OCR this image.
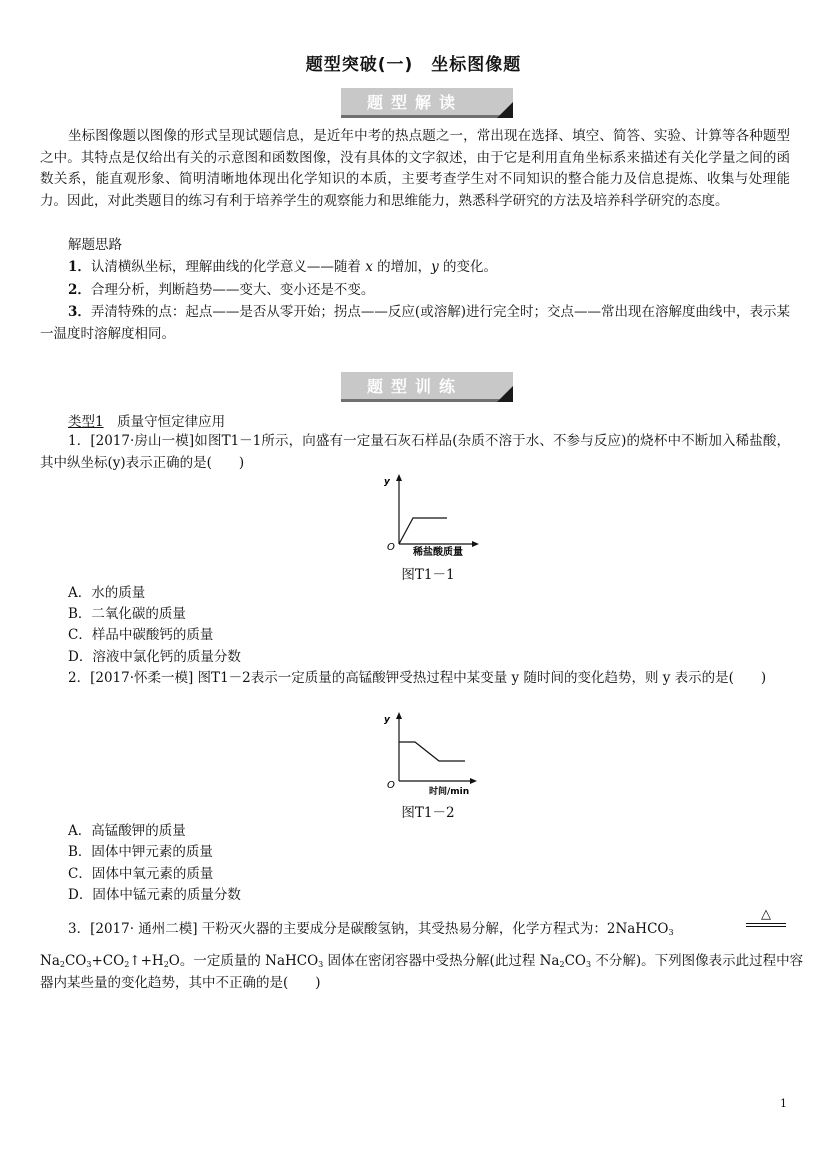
题型突破(一)　坐标图像题
题型解读
坐标图像题以图像的形式呈现试题信息，是近年中考的热点题之一，常出现在选择、填空、简答、实验、计算等各种题型之中。其特点是仅给出有关的示意图和函数图像，没有具体的文字叙述，由于它是利用直角坐标系来描述有关化学量之间的函数关系，能直观形象、简明清晰地体现出化学知识的本质，主要考查学生对不同知识的整合能力及信息提炼、收集与处理能力。因此，对此类题目的练习有利于培养学生的观察能力和思维能力，熟悉科学研究的方法及培养科学研究的态度。
解题思路
1．认清横纵坐标，理解曲线的化学意义——随着 x 的增加，y 的变化。
2．合理分析，判断趋势——变大、变小还是不变。
3．弄清特殊的点：起点——是否从零开始；拐点——反应(或溶解)进行完全时；交点——常出现在溶解度曲线中，表示某一温度时溶解度相同。
题型训练
类型1　 质量守恒定律应用
1．[2017·房山一模]如图T1－1所示，向盛有一定量石灰石样品(杂质不溶于水、不参与反应)的烧杯中不断加入稀盐酸，其中纵坐标(y)表示正确的是(　　)
y
O 稀盐酸质量
图T1－1
A．水的质量
B．二氧化碳的质量
C．样品中碳酸钙的质量
D．溶液中氯化钙的质量分数
2．[2017·怀柔一模] 图T1－2表示一定质量的高锰酸钾受热过程中某变量 y 随时间的变化趋势，则 y 表示的是(　　)
y
O
时间/min
图T1－2
A．高锰酸钾的质量
B．固体中钾元素的质量
C．固体中氧元素的质量
D．固体中锰元素的质量分数
3．[2017· 通州二模] 干粉灭火器的主要成分是碳酸氢钠，其受热易分解，化学方程式为：2NaHCO$_3$
△
$Na_2CO_3+CO_2↑+H_2O$。一定质量的 NaHCO$_3$ 固体在密闭容器中受热分解(此过程 $Na_2CO_3$ 不分解)。下列图像表示此过程中容
器内某些量的变化趋势，其中不正确的是(　　)
1
